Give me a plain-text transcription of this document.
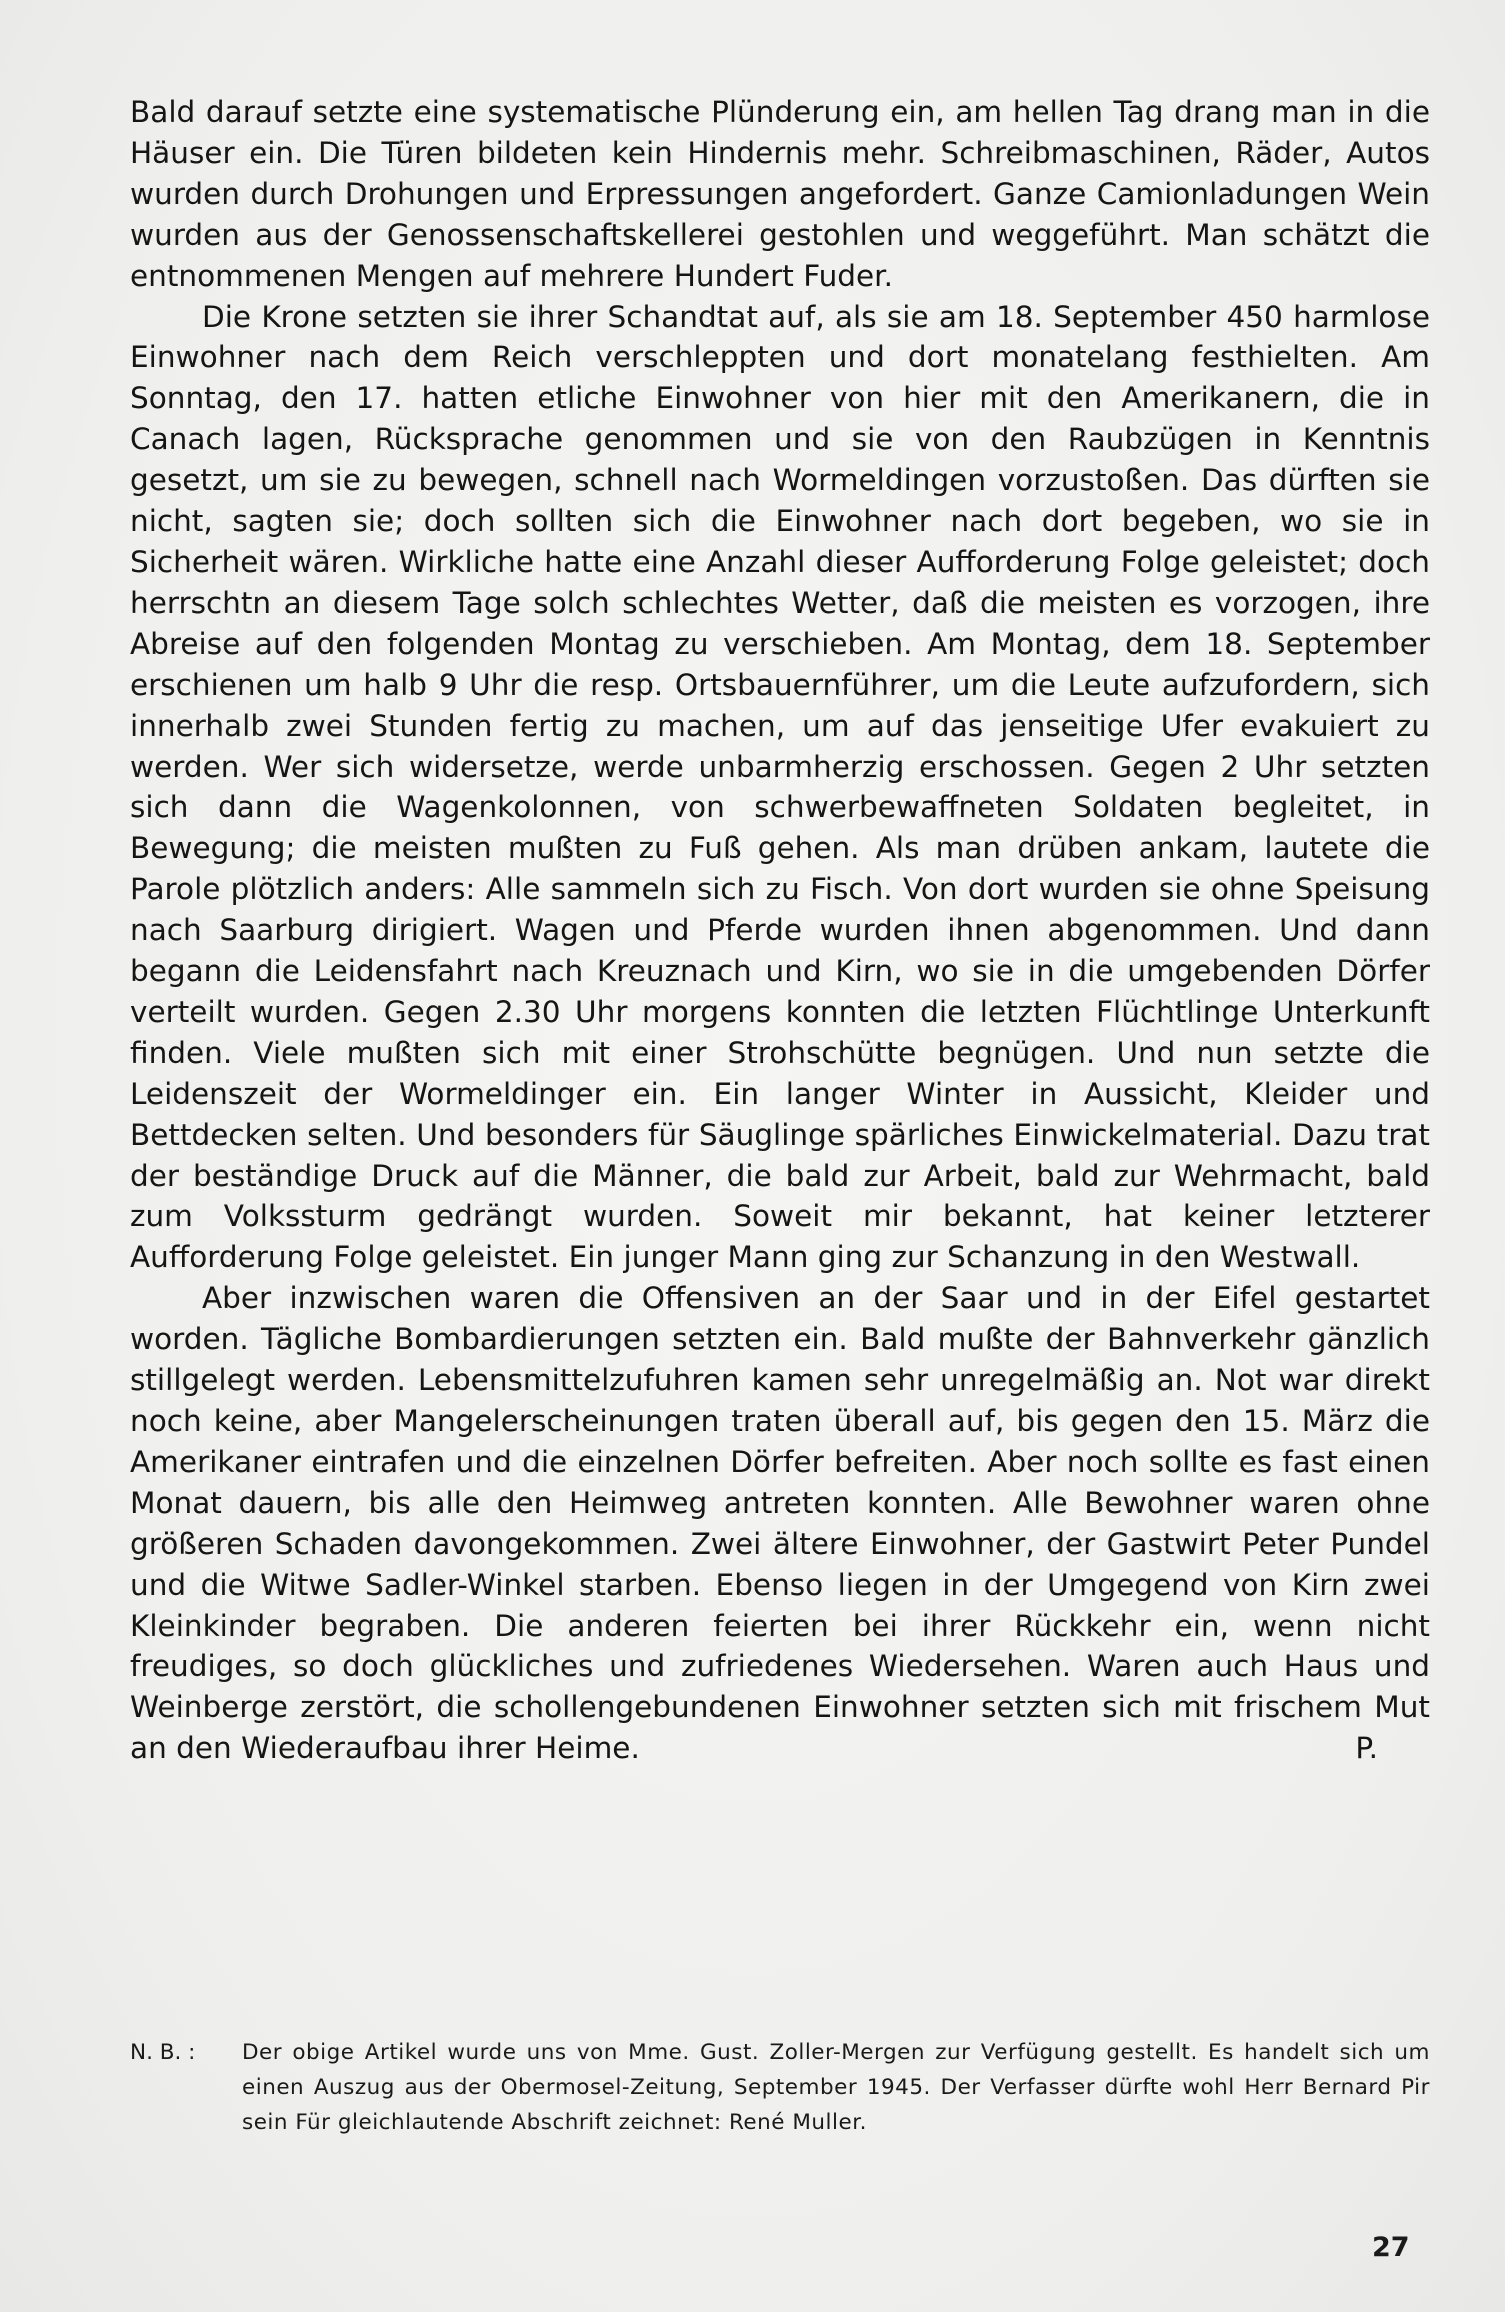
Bald darauf setzte eine systematische Plünderung ein, am hellen Tag drang man in die Häuser ein. Die Türen bildeten kein Hindernis mehr. Schreibmaschinen, Räder, Autos wurden durch Drohungen und Erpressungen angefordert. Ganze Camionladungen Wein wurden aus der Genossenschaftskellerei gestohlen und weggeführt. Man schätzt die entnommenen Mengen auf mehrere Hundert Fuder.

Die Krone setzten sie ihrer Schandtat auf, als sie am 18. September 450 harmlose Einwohner nach dem Reich verschleppten und dort monatelang festhielten. Am Sonntag, den 17. hatten etliche Einwohner von hier mit den Amerikanern, die in Canach lagen, Rücksprache genommen und sie von den Raubzügen in Kenntnis gesetzt, um sie zu bewegen, schnell nach Wormeldingen vorzustoßen. Das dürften sie nicht, sagten sie; doch sollten sich die Einwohner nach dort begeben, wo sie in Sicherheit wären. Wirkliche hatte eine Anzahl dieser Aufforderung Folge geleistet; doch herrschtn an diesem Tage solch schlechtes Wetter, daß die meisten es vorzogen, ihre Abreise auf den folgenden Montag zu verschieben. Am Montag, dem 18. September erschienen um halb 9 Uhr die resp. Ortsbauernführer, um die Leute aufzufordern, sich innerhalb zwei Stunden fertig zu machen, um auf das jenseitige Ufer evakuiert zu werden. Wer sich widersetze, werde unbarmherzig erschossen. Gegen 2 Uhr setzten sich dann die Wagenkolonnen, von schwerbewaffneten Soldaten begleitet, in Bewegung; die meisten mußten zu Fuß gehen. Als man drüben ankam, lautete die Parole plötzlich anders: Alle sammeln sich zu Fisch. Von dort wurden sie ohne Speisung nach Saarburg dirigiert. Wagen und Pferde wurden ihnen abgenommen. Und dann begann die Leidensfahrt nach Kreuznach und Kirn, wo sie in die umgebenden Dörfer verteilt wurden. Gegen 2.30 Uhr morgens konnten die letzten Flüchtlinge Unterkunft finden. Viele mußten sich mit einer Strohschütte begnügen. Und nun setzte die Leidenszeit der Wormeldinger ein. Ein langer Winter in Aussicht, Kleider und Bettdecken selten. Und besonders für Säuglinge spärliches Einwickelmaterial. Dazu trat der beständige Druck auf die Männer, die bald zur Arbeit, bald zur Wehrmacht, bald zum Volkssturm gedrängt wurden. Soweit mir bekannt, hat keiner letzterer Aufforderung Folge geleistet. Ein junger Mann ging zur Schanzung in den Westwall.

Aber inzwischen waren die Offensiven an der Saar und in der Eifel gestartet worden. Tägliche Bombardierungen setzten ein. Bald mußte der Bahnverkehr gänzlich stillgelegt werden. Lebensmittelzufuhren kamen sehr unregelmäßig an. Not war direkt noch keine, aber Mangelerscheinungen traten überall auf, bis gegen den 15. März die Amerikaner eintrafen und die einzelnen Dörfer befreiten. Aber noch sollte es fast einen Monat dauern, bis alle den Heimweg antreten konnten. Alle Bewohner waren ohne größeren Schaden davongekommen. Zwei ältere Einwohner, der Gastwirt Peter Pundel und die Witwe Sadler-Winkel starben. Ebenso liegen in der Umgegend von Kirn zwei Kleinkinder begraben. Die anderen feierten bei ihrer Rückkehr ein, wenn nicht freudiges, so doch glückliches und zufriedenes Wiedersehen. Waren auch Haus und Weinberge zerstört, die schollengebundenen Einwohner setzten sich mit frischem Mut an den Wiederaufbau ihrer Heime.	P.
N. B. :	Der obige Artikel wurde uns von Mme. Gust. Zoller-Mergen zur Verfügung gestellt. Es handelt sich um einen Auszug aus der Obermosel-Zeitung, September 1945. Der Verfasser dürfte wohl Herr Bernard Pir sein Für gleichlautende Abschrift zeichnet: René Muller.
27
